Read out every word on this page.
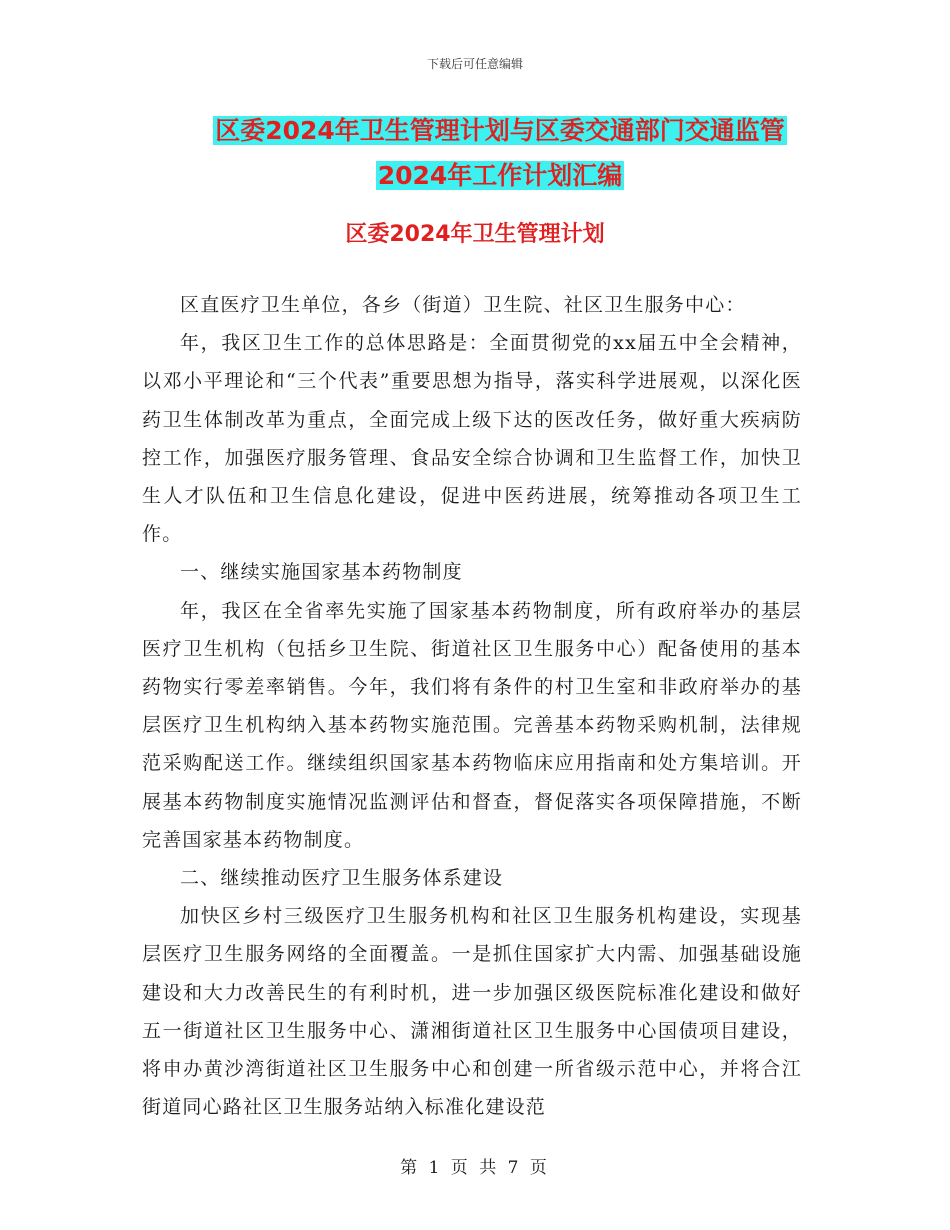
下载后可任意编辑
区委2024年卫生管理计划与区委交通部门交通监管
2024年工作计划汇编
区委2024年卫生管理计划

区直医疗卫生单位，各乡（街道）卫生院、社区卫生服务中心：

年，我区卫生工作的总体思路是：全面贯彻党的xx届五中全会精神，以邓小平理论和“三个代表”重要思想为指导，落实科学进展观，以深化医药卫生体制改革为重点，全面完成上级下达的医改任务，做好重大疾病防控工作，加强医疗服务管理、食品安全综合协调和卫生监督工作，加快卫生人才队伍和卫生信息化建设，促进中医药进展，统筹推动各项卫生工作。

一、继续实施国家基本药物制度

年，我区在全省率先实施了国家基本药物制度，所有政府举办的基层医疗卫生机构（包括乡卫生院、街道社区卫生服务中心）配备使用的基本药物实行零差率销售。今年，我们将有条件的村卫生室和非政府举办的基层医疗卫生机构纳入基本药物实施范围。完善基本药物采购机制，法律规范采购配送工作。继续组织国家基本药物临床应用指南和处方集培训。开展基本药物制度实施情况监测评估和督查，督促落实各项保障措施，不断完善国家基本药物制度。

二、继续推动医疗卫生服务体系建设

加快区乡村三级医疗卫生服务机构和社区卫生服务机构建设，实现基层医疗卫生服务网络的全面覆盖。一是抓住国家扩大内需、加强基础设施建设和大力改善民生的有利时机，进一步加强区级医院标准化建设和做好五一街道社区卫生服务中心、潇湘街道社区卫生服务中心国债项目建设，将申办黄沙湾街道社区卫生服务中心和创建一所省级示范中心，并将合江街道同心路社区卫生服务站纳入标准化建设范

第 1 页 共 7 页
